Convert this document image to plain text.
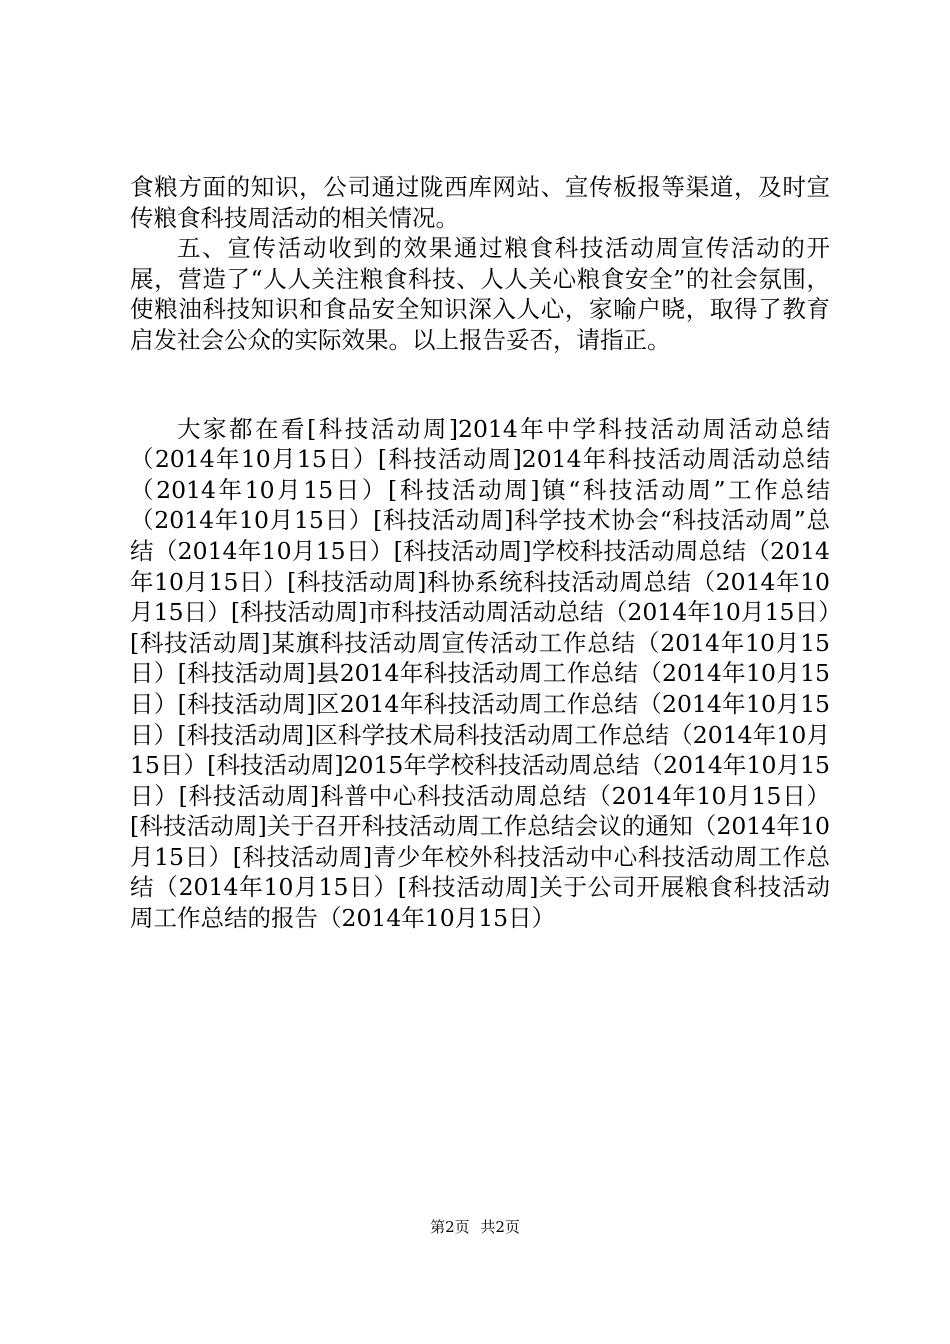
食粮方面的知识，公司通过陇西库网站、宣传板报等渠道，及时宣传粮食科技周活动的相关情况。

五、宣传活动收到的效果通过粮食科技活动周宣传活动的开展，营造了“人人关注粮食科技、人人关心粮食安全”的社会氛围，使粮油科技知识和食品安全知识深入人心，家喻户晓，取得了教育启发社会公众的实际效果。以上报告妥否，请指正。

大家都在看[科技活动周]2014年中学科技活动周活动总结（2014年10月15日）[科技活动周]2014年科技活动周活动总结（2014年10月15日）[科技活动周]镇“科技活动周”工作总结（2014年10月15日）[科技活动周]科学技术协会“科技活动周”总结（2014年10月15日）[科技活动周]学校科技活动周总结（2014年10月15日）[科技活动周]科协系统科技活动周总结（2014年10月15日）[科技活动周]市科技活动周活动总结（2014年10月15日）[科技活动周]某旗科技活动周宣传活动工作总结（2014年10月15日）[科技活动周]县2014年科技活动周工作总结（2014年10月15日）[科技活动周]区2014年科技活动周工作总结（2014年10月15日）[科技活动周]区科学技术局科技活动周工作总结（2014年10月15日）[科技活动周]2015年学校科技活动周总结（2014年10月15日）[科技活动周]科普中心科技活动周总结（2014年10月15日）[科技活动周]关于召开科技活动周工作总结会议的通知（2014年10月15日）[科技活动周]青少年校外科技活动中心科技活动周工作总结（2014年10月15日）[科技活动周]关于公司开展粮食科技活动周工作总结的报告（2014年10月15日）

第2页 共2页
